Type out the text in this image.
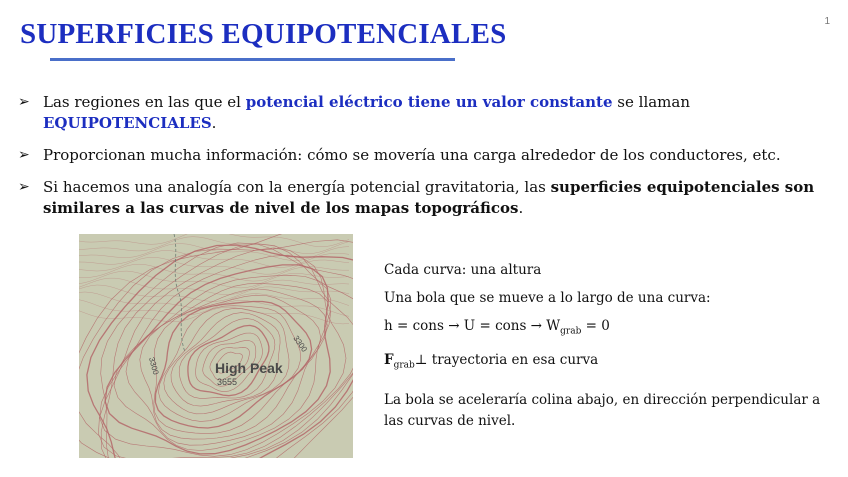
1
SUPERFICIES EQUIPOTENCIALES
➢ Las regiones en las que el potencial eléctrico tiene un valor constante se llaman
EQUIPOTENCIALES.
➢ Proporcionan mucha información: cómo se movería una carga alrededor de los conductores, etc.
➢ Si hacemos una analogía con la energía potencial gravitatoria, las superficies equipotenciales son similares a las curvas de nivel de los mapas topográficos.
High Peak
3655
3300
3300

Cada curva: una altura

Una bola que se mueve a lo largo de una curva:

h = cons → U = cons → $W_{grab} = 0$

$F_{grab}\perp$ trayectoria en esa curva

La bola se aceleraría colina abajo, en dirección perpendicular a las curvas de nivel.
